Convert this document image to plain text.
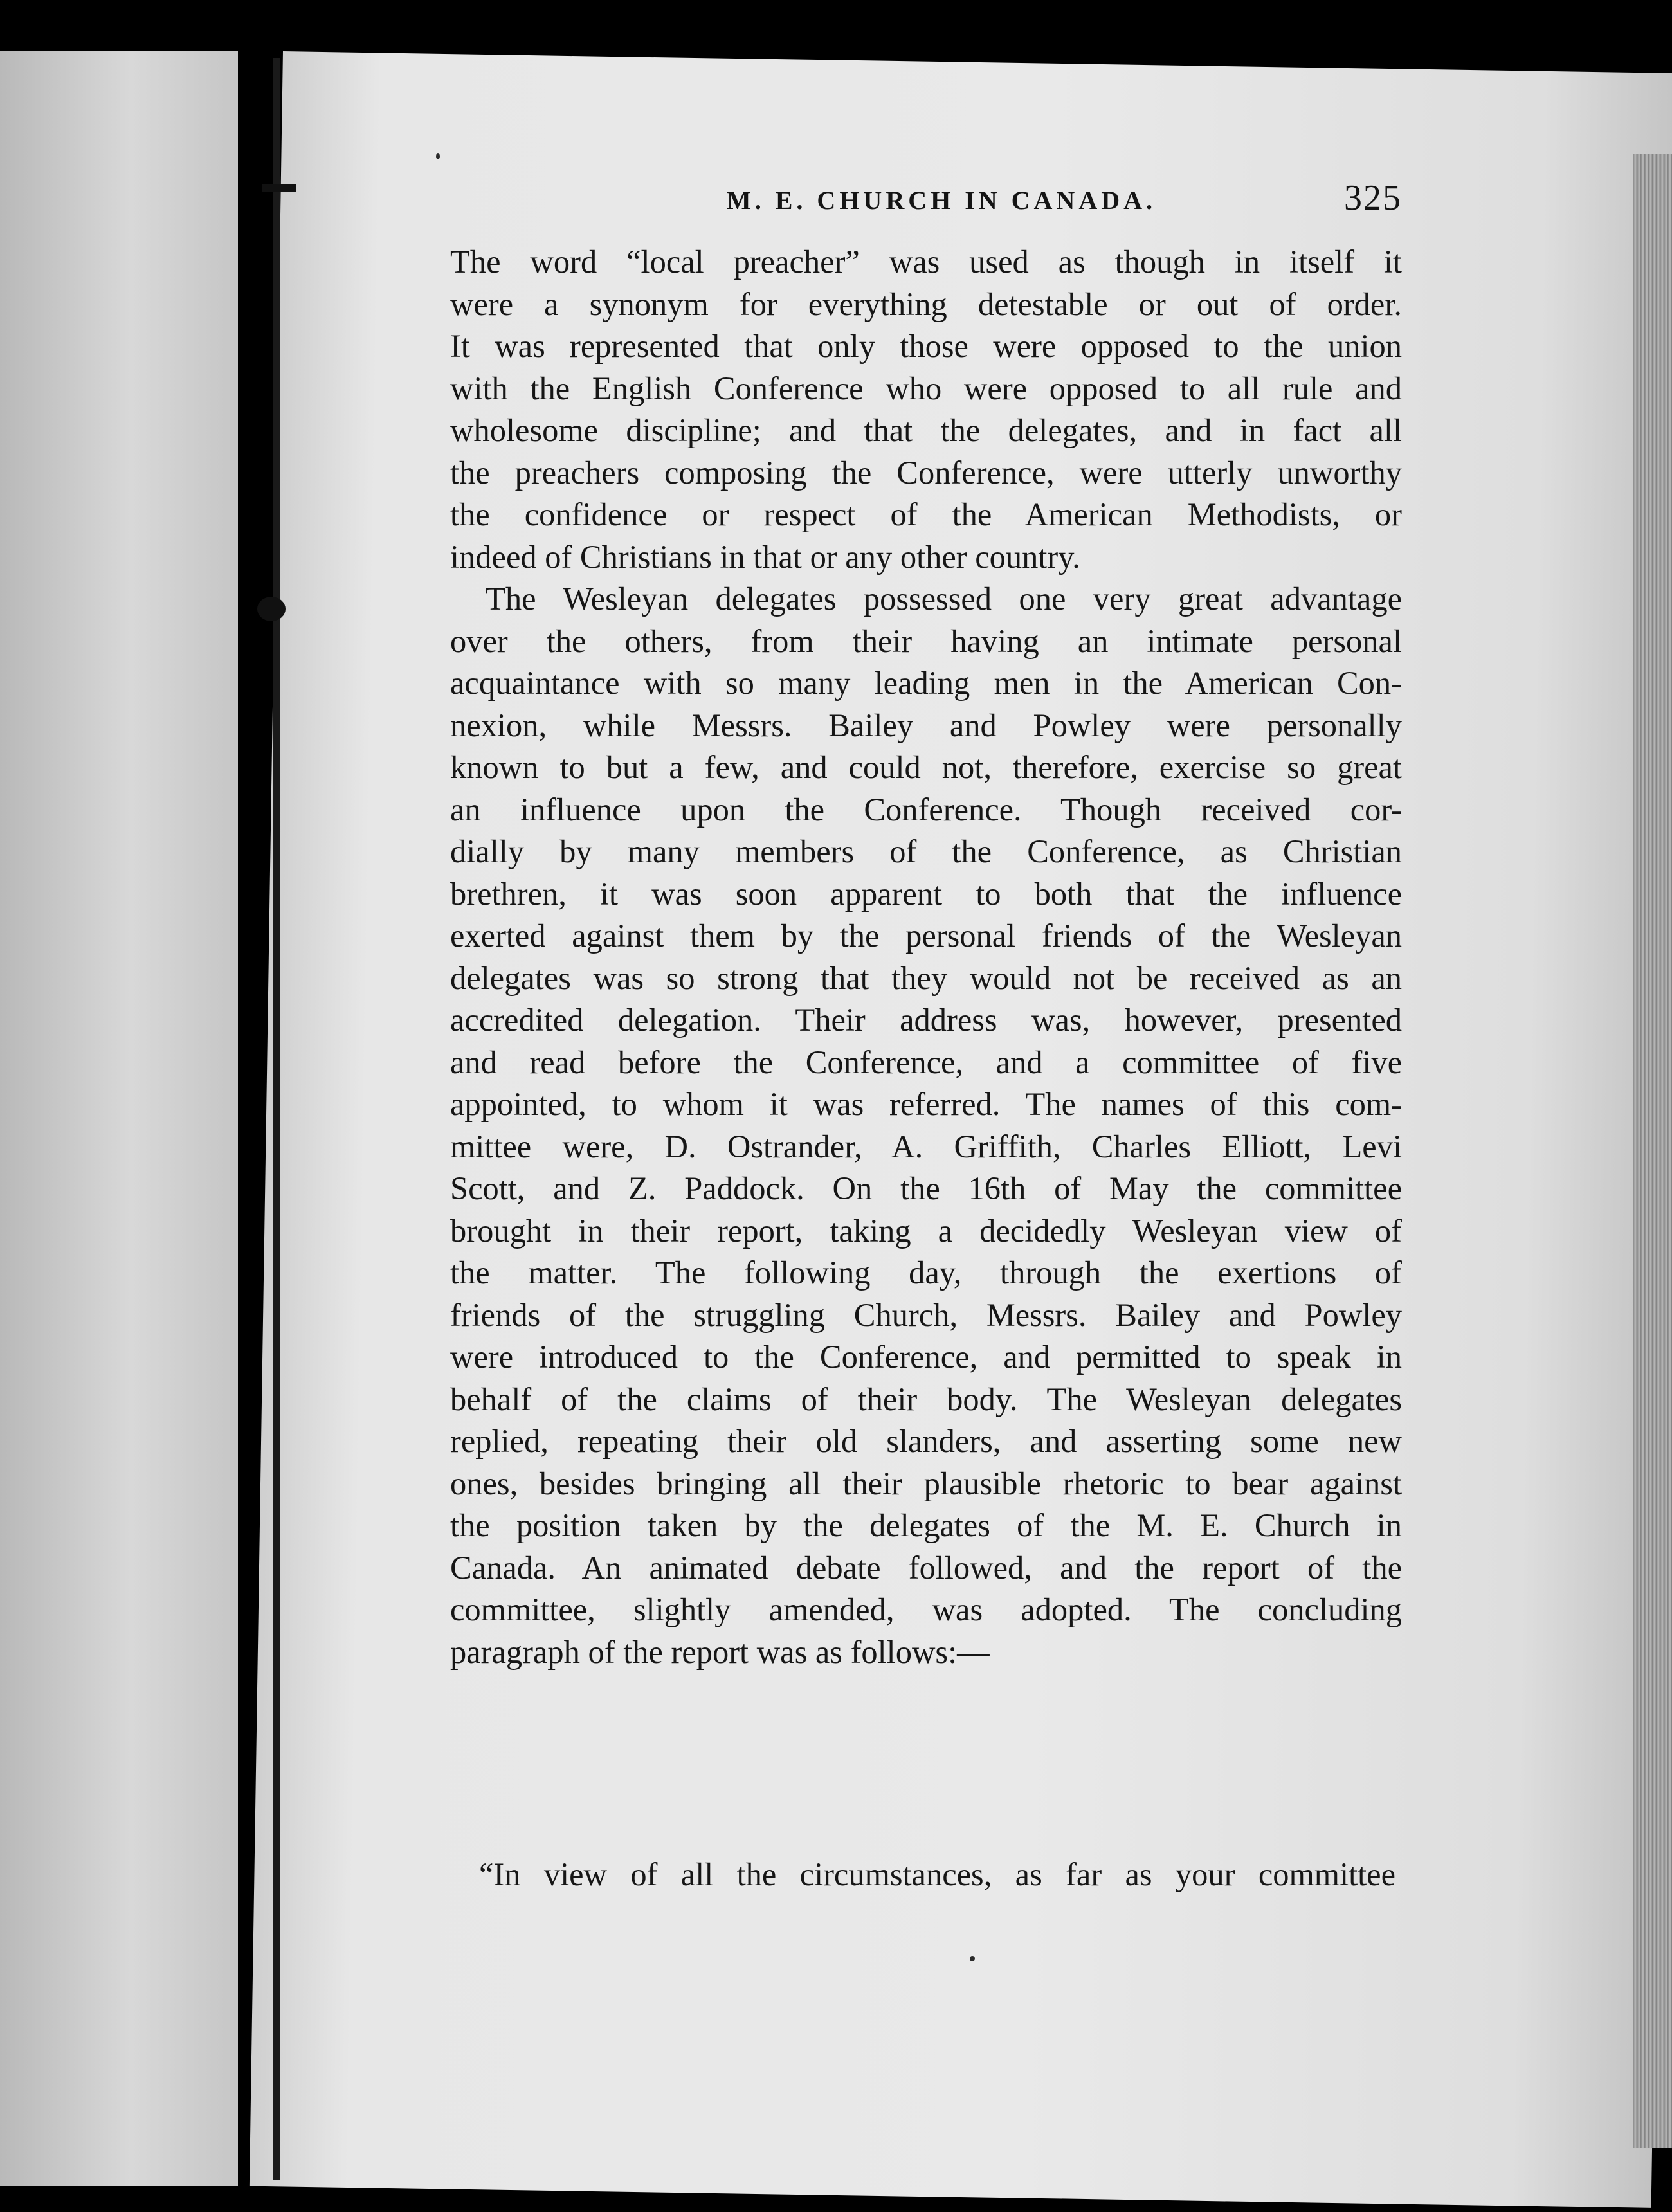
M. E. CHURCH IN CANADA.	325
The word “local preacher” was used as though in itself it
were a synonym for everything detestable or out of order.
It was represented that only those were opposed to the union
with the English Conference who were opposed to all rule and
wholesome discipline; and that the delegates, and in fact all
the preachers composing the Conference, were utterly unworthy
the confidence or respect of the American Methodists, or
indeed of Christians in that or any other country.
The Wesleyan delegates possessed one very great advantage
over the others, from their having an intimate personal
acquaintance with so many leading men in the American Con-
nexion, while Messrs. Bailey and Powley were personally
known to but a few, and could not, therefore, exercise so great
an influence upon the Conference. Though received cor-
dially by many members of the Conference, as Christian
brethren, it was soon apparent to both that the influence
exerted against them by the personal friends of the Wesleyan
delegates was so strong that they would not be received as an
accredited delegation. Their address was, however, presented
and read before the Conference, and a committee of five
appointed, to whom it was referred. The names of this com-
mittee were, D. Ostrander, A. Griffith, Charles Elliott, Levi
Scott, and Z. Paddock. On the 16th of May the committee
brought in their report, taking a decidedly Wesleyan view of
the matter. The following day, through the exertions of
friends of the struggling Church, Messrs. Bailey and Powley
were introduced to the Conference, and permitted to speak in
behalf of the claims of their body. The Wesleyan delegates
replied, repeating their old slanders, and asserting some new
ones, besides bringing all their plausible rhetoric to bear against
the position taken by the delegates of the M. E. Church in
Canada. An animated debate followed, and the report of the
committee, slightly amended, was adopted. The concluding
paragraph of the report was as follows:—
“In view of all the circumstances, as far as your committee
